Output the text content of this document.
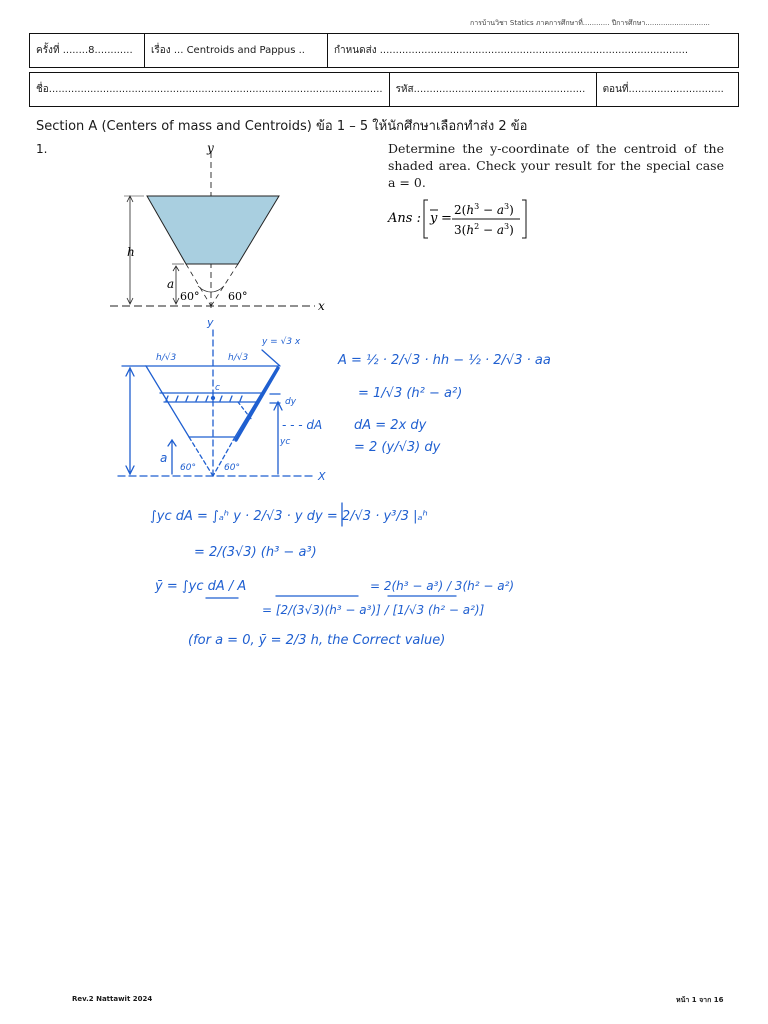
การบ้านวิชา Statics ภาคการศึกษาที่............ ปีการศึกษา.............................
ครั้งที่ ........8............	เรื่อง ... Centroids and Pappus ..	กำหนดส่ง .................................................................................................
ชื่อ.........................................................................................................	รหัส......................................................	ตอนที่..............................
Section A (Centers of mass and Centroids) ข้อ 1 – 5 ให้นักศึกษาเลือกทำส่ง 2 ข้อ
1.	Determine the y-coordinate of the centroid of the shaded area. Check your result for the special case a = 0.

Ans : y =
$2(h^3 - a^3)$
$3(h^2 - a^3)$
y
x
h
a
60°	60°
y
X
y = √3 x
h/√3	h/√3
c
dy
yc
a
60°	60°
- - - dA
A = ½ · 2/√3 · hh − ½ · 2/√3 · aa
= 1/√3 (h² − a²)
dA = 2x dy
= 2 (y/√3) dy
∫yc dA = ∫ₐʰ y · 2/√3 · y dy = 2/√3 · y³/3 |ₐʰ
= 2/(3√3) (h³ − a³)
ȳ = ∫yc dA / A
= [2/(3√3)(h³ − a³)] / [1/√3 (h² − a²)]
= 2(h³ − a³) / 3(h² − a²)
(for a = 0, ȳ = 2/3 h, the Correct value)
Rev.2 Nattawit 2024	หน้า 1 จาก 16
